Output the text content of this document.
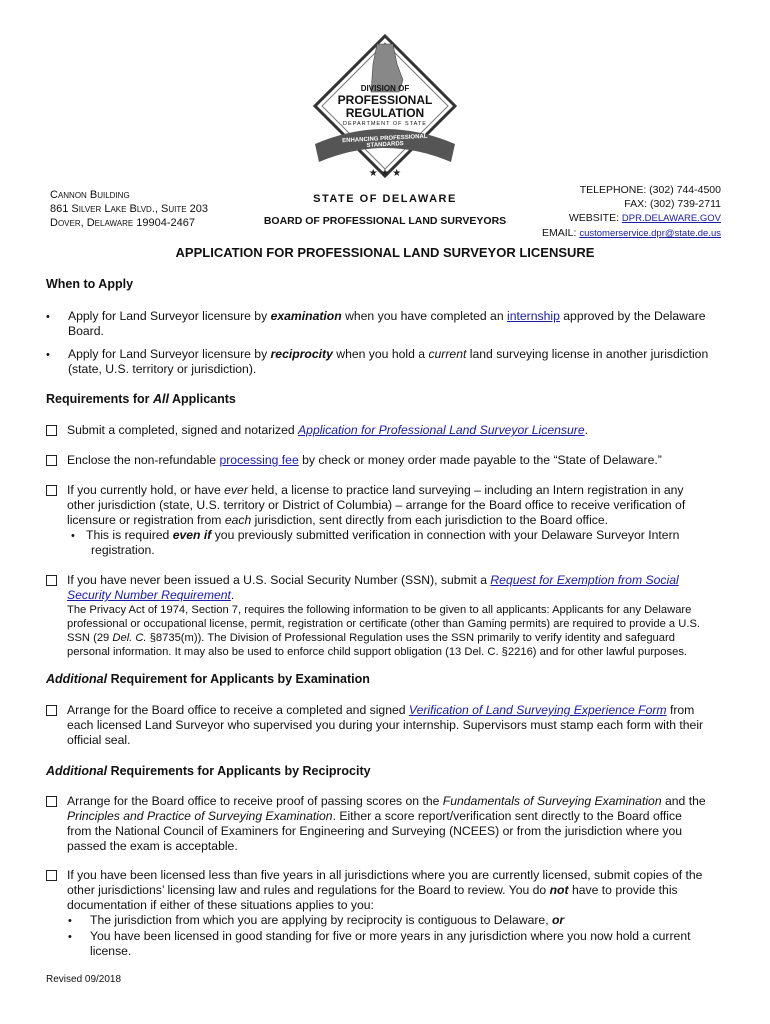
★ ★ ★
DIVISION OF
PROFESSIONAL
REGULATION
DEPARTMENT OF STATE
ENHANCING PROFESSIONAL STANDARDS
Cannon Building
861 Silver Lake Blvd., Suite 203
Dover, Delaware 19904-2467
STATE OF DELAWARE
BOARD OF PROFESSIONAL LAND SURVEYORS
TELEPHONE: (302) 744-4500
FAX: (302) 739-2711
WEBSITE: DPR.DELAWARE.GOV
EMAIL: customerservice.dpr@state.de.us
APPLICATION FOR PROFESSIONAL LAND SURVEYOR LICENSURE
When to Apply
• Apply for Land Surveyor licensure by examination when you have completed an internship approved by the Delaware
Board.
• Apply for Land Surveyor licensure by reciprocity when you hold a current land surveying license in another jurisdiction
(state, U.S. territory or jurisdiction).
Requirements for All Applicants
Submit a completed, signed and notarized Application for Professional Land Surveyor Licensure.
Enclose the non-refundable processing fee by check or money order made payable to the “State of Delaware.”
If you currently hold, or have ever held, a license to practice land surveying – including an Intern registration in any
other jurisdiction (state, U.S. territory or District of Columbia) – arrange for the Board office to receive verification of
licensure or registration from each jurisdiction, sent directly from each jurisdiction to the Board office.
• This is required even if you previously submitted verification in connection with your Delaware Surveyor Intern
registration.
If you have never been issued a U.S. Social Security Number (SSN), submit a Request for Exemption from Social
Security Number Requirement.
The Privacy Act of 1974, Section 7, requires the following information to be given to all applicants: Applicants for any Delaware
professional or occupational license, permit, registration or certificate (other than Gaming permits) are required to provide a U.S.
SSN (29 Del. C. §8735(m)). The Division of Professional Regulation uses the SSN primarily to verify identity and safeguard
personal information. It may also be used to enforce child support obligation (13 Del. C. §2216) and for other lawful purposes.
Additional Requirement for Applicants by Examination
Arrange for the Board office to receive a completed and signed Verification of Land Surveying Experience Form from
each licensed Land Surveyor who supervised you during your internship. Supervisors must stamp each form with their
official seal.
Additional Requirements for Applicants by Reciprocity
Arrange for the Board office to receive proof of passing scores on the Fundamentals of Surveying Examination and the
Principles and Practice of Surveying Examination. Either a score report/verification sent directly to the Board office
from the National Council of Examiners for Engineering and Surveying (NCEES) or from the jurisdiction where you
passed the exam is acceptable.
If you have been licensed less than five years in all jurisdictions where you are currently licensed, submit copies of the
other jurisdictions’ licensing law and rules and regulations for the Board to review. You do not have to provide this
documentation if either of these situations applies to you:
• The jurisdiction from which you are applying by reciprocity is contiguous to Delaware, or
• You have been licensed in good standing for five or more years in any jurisdiction where you now hold a current
license.
Revised 09/2018
